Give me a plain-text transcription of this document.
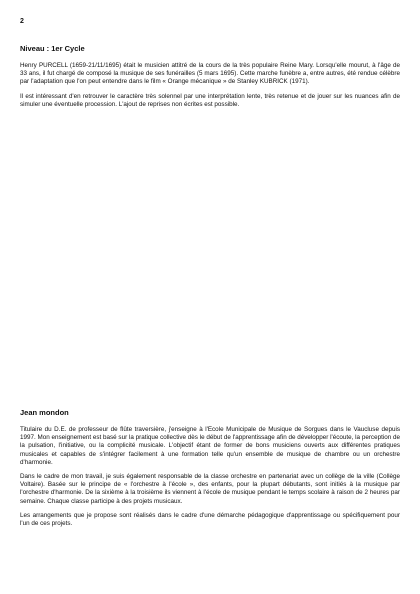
2
Niveau : 1er Cycle

Henry PURCELL (1659-21/11/1695) était le musicien attitré de la cours de la très populaire Reine Mary. Lorsqu'elle mourut, à l'âge de 33 ans, il fut chargé de composé la musique de ses funérailles (5 mars 1695). Cette marche funèbre a, entre autres, été rendue célèbre par l'adaptation que l'on peut entendre dans le film « Orange mécanique » de Stanley KUBRICK (1971).

Il est intéressant d'en retrouver le caractère très solennel par une interprétation lente, très retenue et de jouer sur les nuances afin de simuler une éventuelle procession. L'ajout de reprises non écrites est possible.

Jean mondon

Titulaire du D.E. de professeur de flûte traversière, j'enseigne à l'Ecole Municipale de Musique de Sorgues dans le Vaucluse depuis 1997. Mon enseignement est basé sur la pratique collective dès le début de l'apprentissage afin de développer l'écoute, la perception de la pulsation, l'initiative, ou la complicité musicale. L'objectif étant de former de bons musiciens ouverts aux différentes pratiques musicales et capables de s'intégrer facilement à une formation telle qu'un ensemble de musique de chambre ou un orchestre d'harmonie.

Dans le cadre de mon travail, je suis également responsable de la classe orchestre en partenariat avec un collège de la ville (Collège Voltaire). Basée sur le principe de « l'orchestre à l'école », des enfants, pour la plupart débutants, sont initiés à la musique par l'orchestre d'harmonie. De la sixième à la troisième ils viennent à l'école de musique pendant le temps scolaire à raison de 2 heures par semaine. Chaque classe participe à des projets musicaux.

Les arrangements que je propose sont réalisés dans le cadre d'une démarche pédagogique d'apprentissage ou spécifiquement pour l'un de ces projets.
